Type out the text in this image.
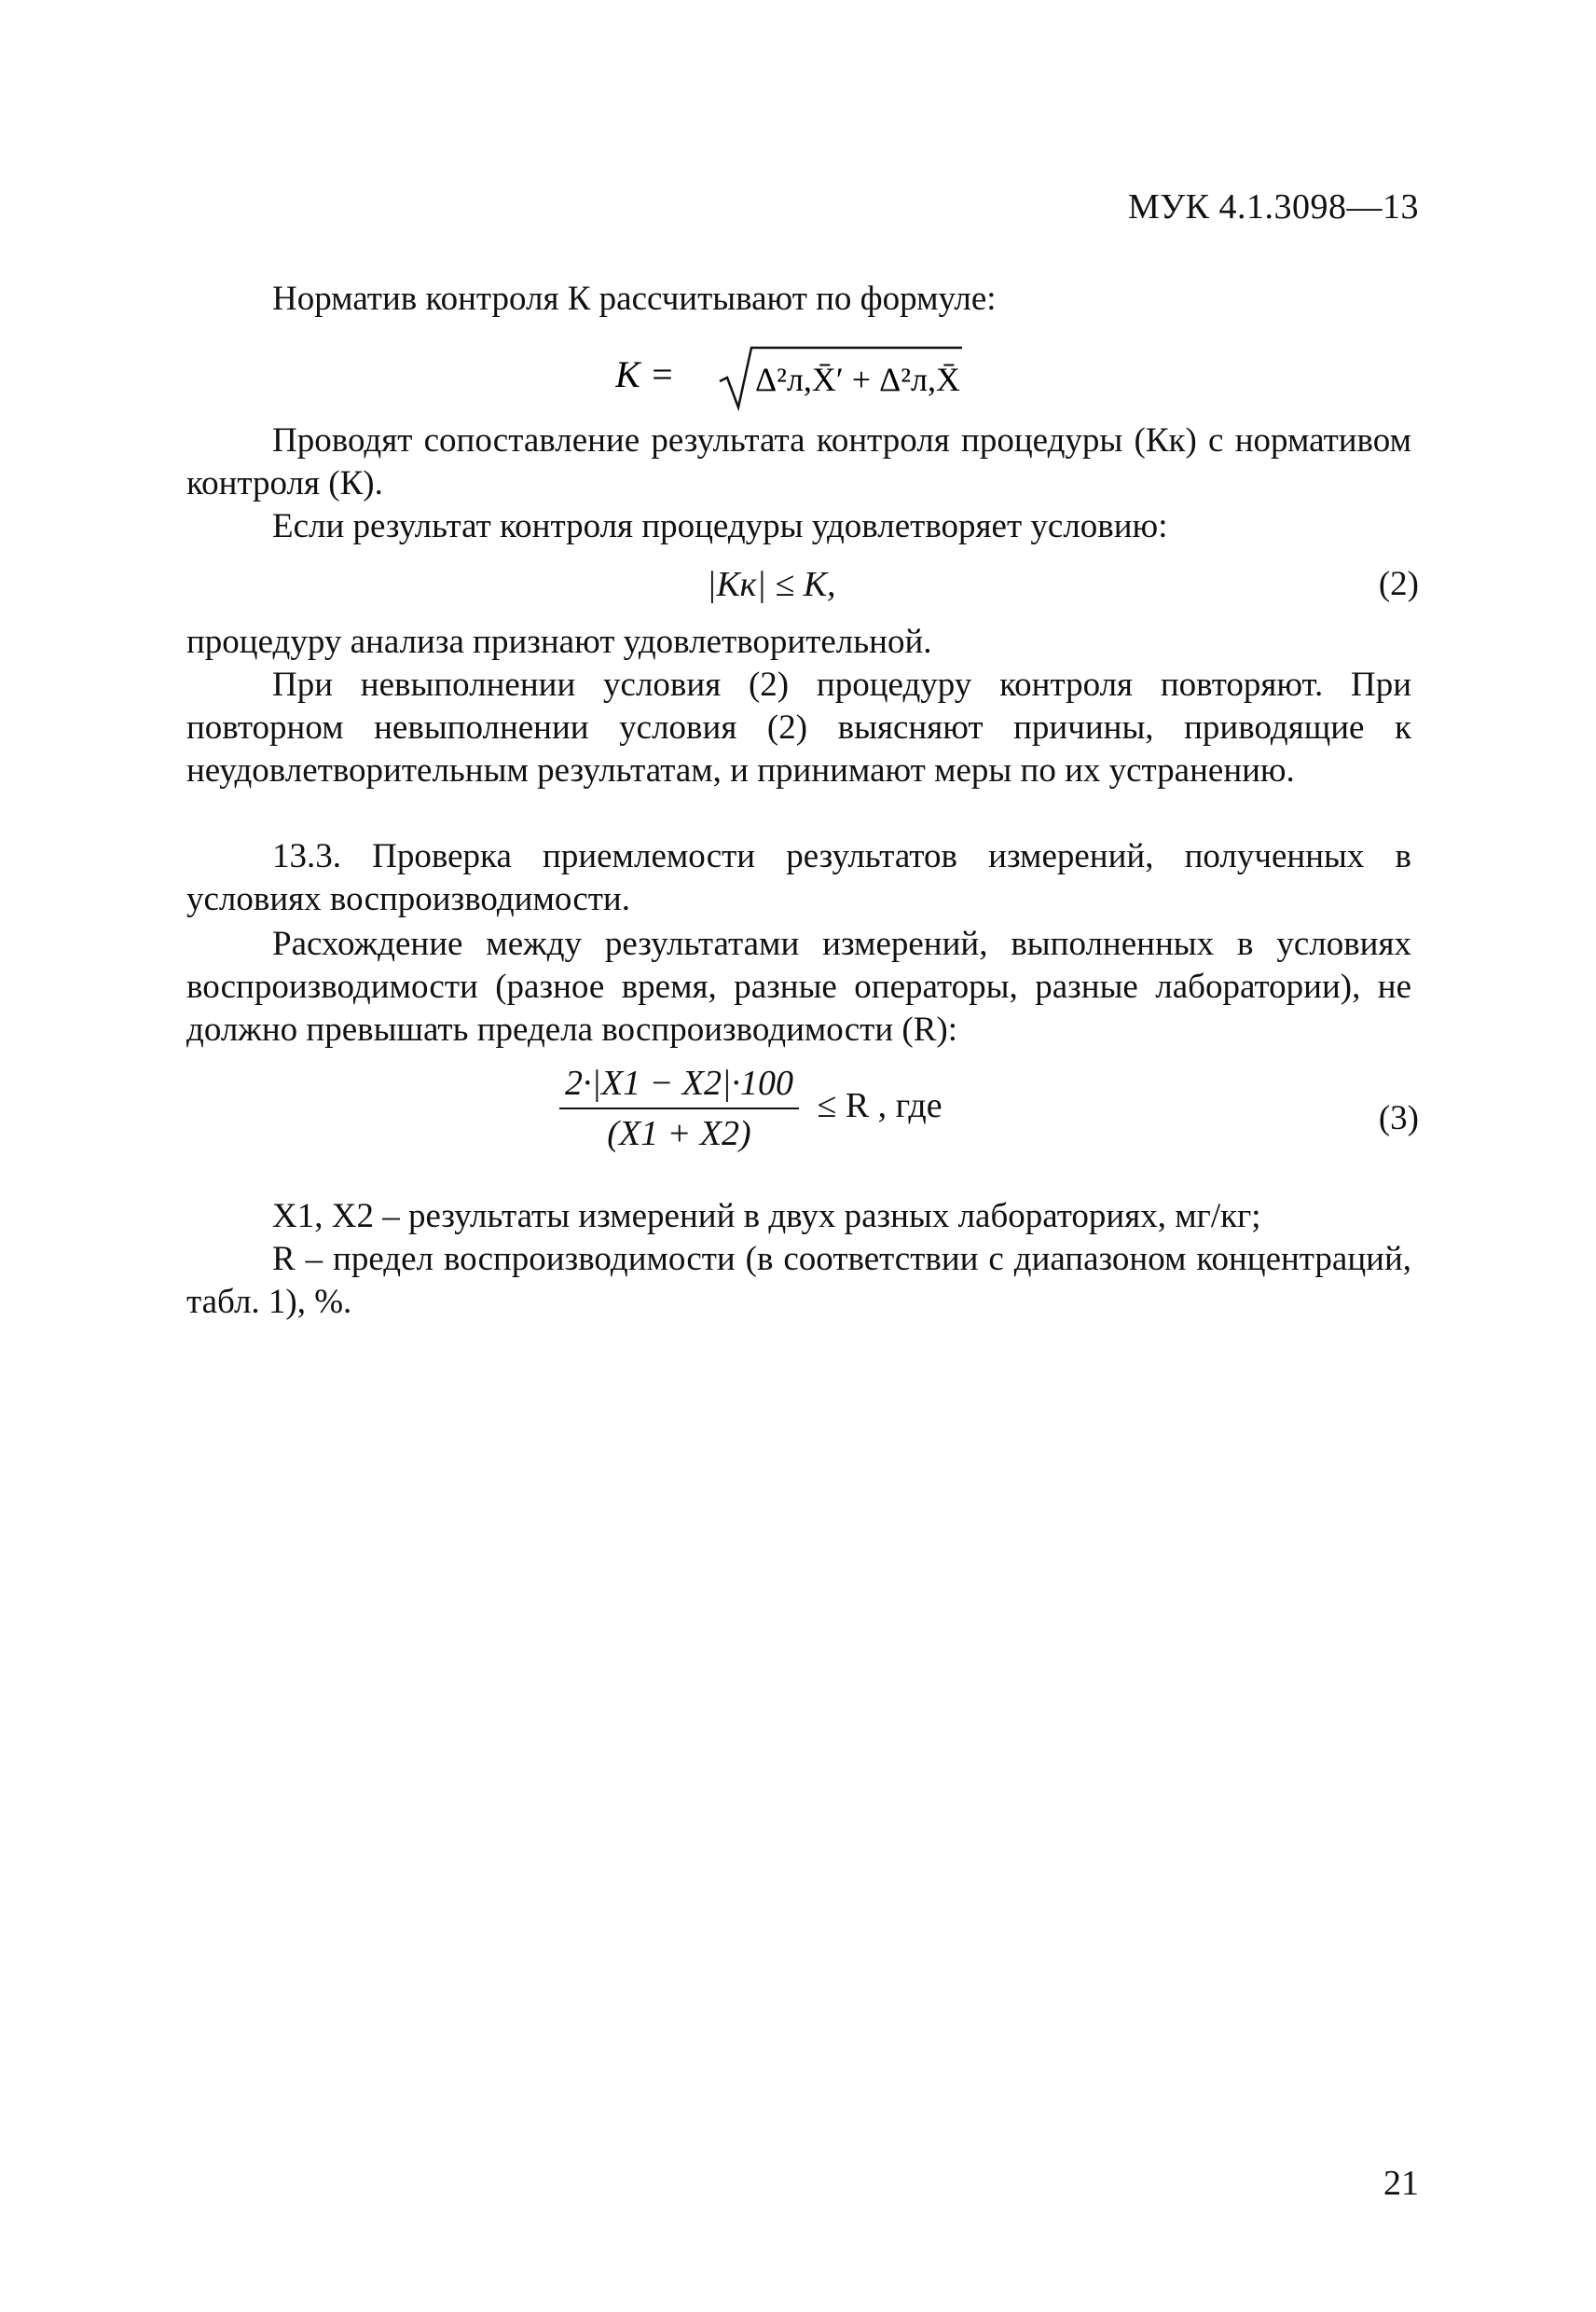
МУК 4.1.3098—13

Норматив контроля К рассчитывают по формуле:

К = Δ²л,X̄′ + Δ²л,X̄

Проводят сопоставление результата контроля процедуры (Кк) с нормативом контроля (К).

Если результат контроля процедуры удовлетворяет условию:

|Кк| ≤ К,	(2)

процедуру анализа признают удовлетворительной.

При невыполнении условия (2) процедуру контроля повторяют. При повторном невыполнении условия (2) выясняют причины, приводящие к неудовлетворительным результатам, и принимают меры по их устранению.

13.3. Проверка приемлемости результатов измерений, полученных в условиях воспроизводимости.

Расхождение между результатами измерений, выполненных в условиях воспроизводимости (разное время, разные операторы, разные лаборатории), не должно превышать предела воспроизводимости (R):

$\frac{2\cdot|X1 - X2|\cdot 100}{(X1 + X2)} \le R$ , где	(3)

X1, X2 – результаты измерений в двух разных лабораториях, мг/кг;

R – предел воспроизводимости (в соответствии с диапазоном концентраций, табл. 1), %.

21
